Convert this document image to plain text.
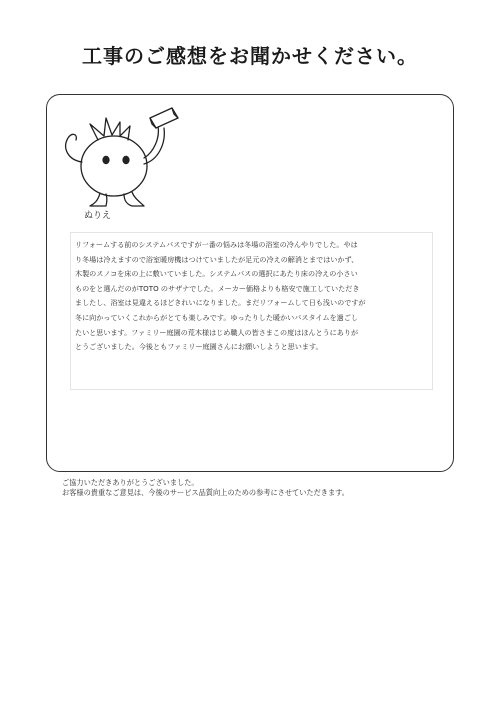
工事のご感想をお聞かせください。
ぬりえ
リフォームする前のシステムバスですが一番の悩みは冬場の浴室の冷んやりでした。やは
り冬場は冷えますので浴室暖房機はつけていましたが足元の冷えの解消とまではいかず、
木製のスノコを床の上に敷いていました。システムバスの選択にあたり床の冷えの小さい
ものをと選んだのがTOTO のサザナでした。メーカー価格よりも格安で施工していただき
ましたし、浴室は見違えるほどきれいになりました。まだリフォームして日も浅いのですが
冬に向かっていくこれからがとても楽しみです。ゆったりした暖かいバスタイムを過ごし
たいと思います。ファミリー庭園の荒木様はじめ職人の皆さまこの度はほんとうにありが
とうございました。今後ともファミリー庭園さんにお願いしようと思います。
ご協力いただきありがとうございました。
お客様の貴重なご意見は、今後のサービス品質向上のための参考にさせていただきます。
